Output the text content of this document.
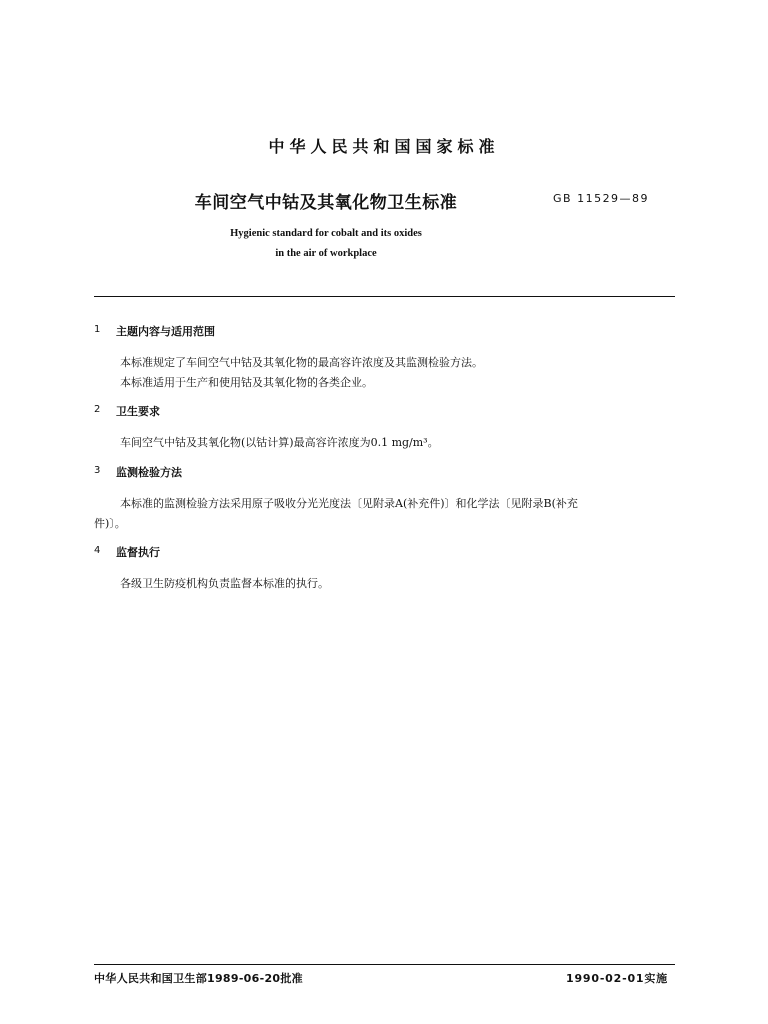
中华人民共和国国家标准
车间空气中钴及其氧化物卫生标准	GB 11529—89
Hygienic standard for cobalt and its oxides
in the air of workplace
1 主题内容与适用范围
本标准规定了车间空气中钴及其氧化物的最高容许浓度及其监测检验方法。
本标准适用于生产和使用钴及其氧化物的各类企业。
2 卫生要求
车间空气中钴及其氧化物(以钴计算)最高容许浓度为0.1 mg/m³。
3 监测检验方法
本标准的监测检验方法采用原子吸收分光光度法〔见附录A(补充件)〕和化学法〔见附录B(补充
件)〕。
4 监督执行
各级卫生防疫机构负责监督本标准的执行。
中华人民共和国卫生部1989-06-20批准	1990-02-01实施
